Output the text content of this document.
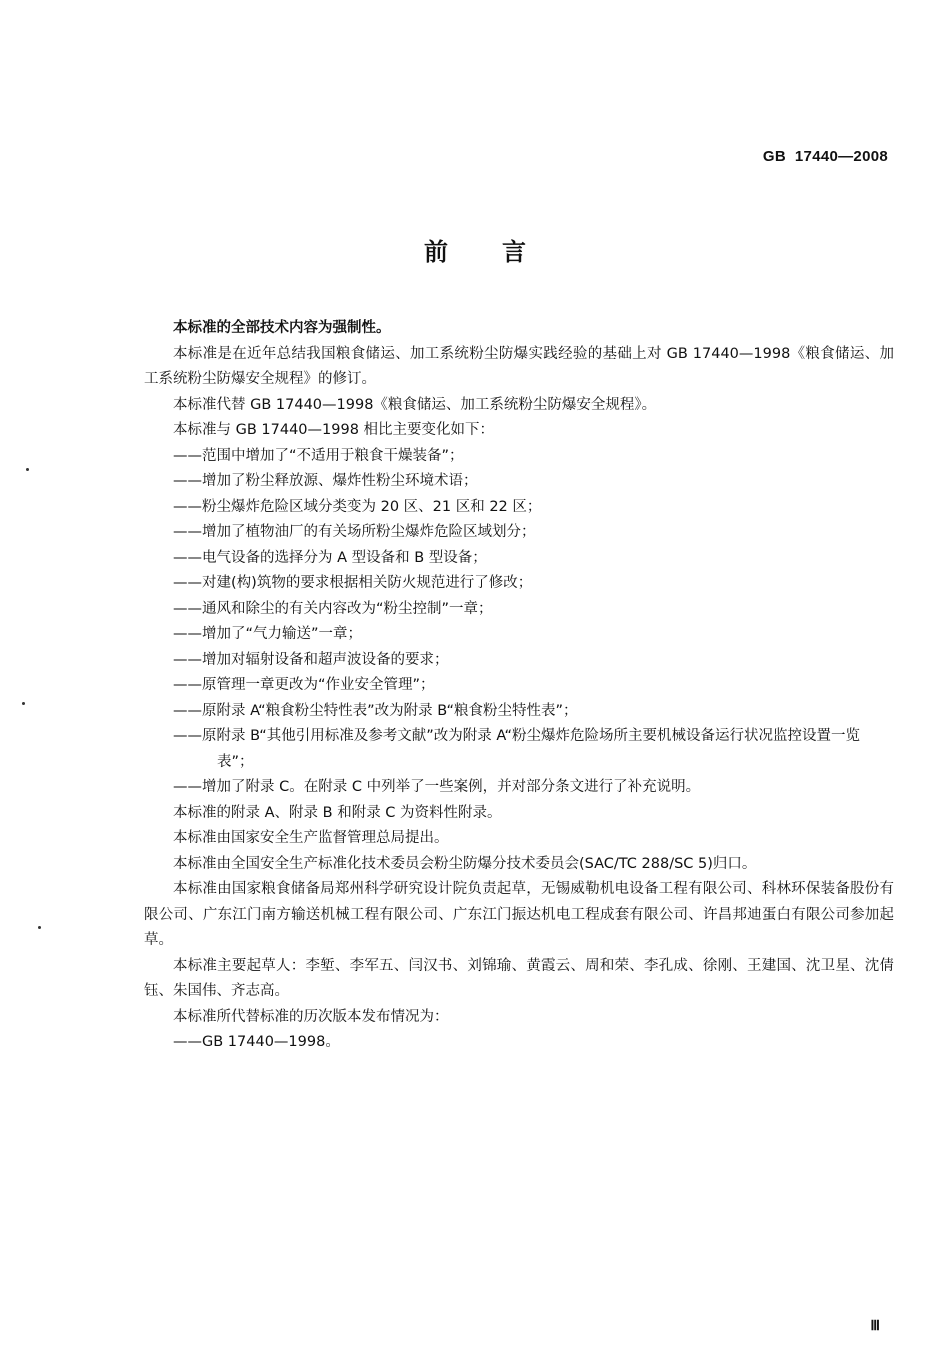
GB  17440—2008
前言

本标准的全部技术内容为强制性。

本标准是在近年总结我国粮食储运、加工系统粉尘防爆实践经验的基础上对 GB 17440—1998《粮食储运、加工系统粉尘防爆安全规程》的修订。

本标准代替 GB 17440—1998《粮食储运、加工系统粉尘防爆安全规程》。

本标准与 GB 17440—1998 相比主要变化如下：

——范围中增加了“不适用于粮食干燥装备”；

——增加了粉尘释放源、爆炸性粉尘环境术语；

——粉尘爆炸危险区域分类变为 20 区、21 区和 22 区；

——增加了植物油厂的有关场所粉尘爆炸危险区域划分；

——电气设备的选择分为 A 型设备和 B 型设备；

——对建(构)筑物的要求根据相关防火规范进行了修改；

——通风和除尘的有关内容改为“粉尘控制”一章；

——增加了“气力输送”一章；

——增加对辐射设备和超声波设备的要求；

——原管理一章更改为“作业安全管理”；

——原附录 A“粮食粉尘特性表”改为附录 B“粮食粉尘特性表”；

——原附录 B“其他引用标准及参考文献”改为附录 A“粉尘爆炸危险场所主要机械设备运行状况监控设置一览表”；

——增加了附录 C。在附录 C 中列举了一些案例，并对部分条文进行了补充说明。

本标准的附录 A、附录 B 和附录 C 为资料性附录。

本标准由国家安全生产监督管理总局提出。

本标准由全国安全生产标准化技术委员会粉尘防爆分技术委员会(SAC/TC 288/SC 5)归口。

本标准由国家粮食储备局郑州科学研究设计院负责起草，无锡威勒机电设备工程有限公司、科林环保装备股份有限公司、广东江门南方输送机械工程有限公司、广东江门振达机电工程成套有限公司、许昌邦迪蛋白有限公司参加起草。

本标准主要起草人：李堑、李军五、闫汉书、刘锦瑜、黄霞云、周和荣、李孔成、徐刚、王建国、沈卫星、沈倩钰、朱国伟、齐志高。

本标准所代替标准的历次版本发布情况为：

——GB 17440—1998。

Ⅲ
